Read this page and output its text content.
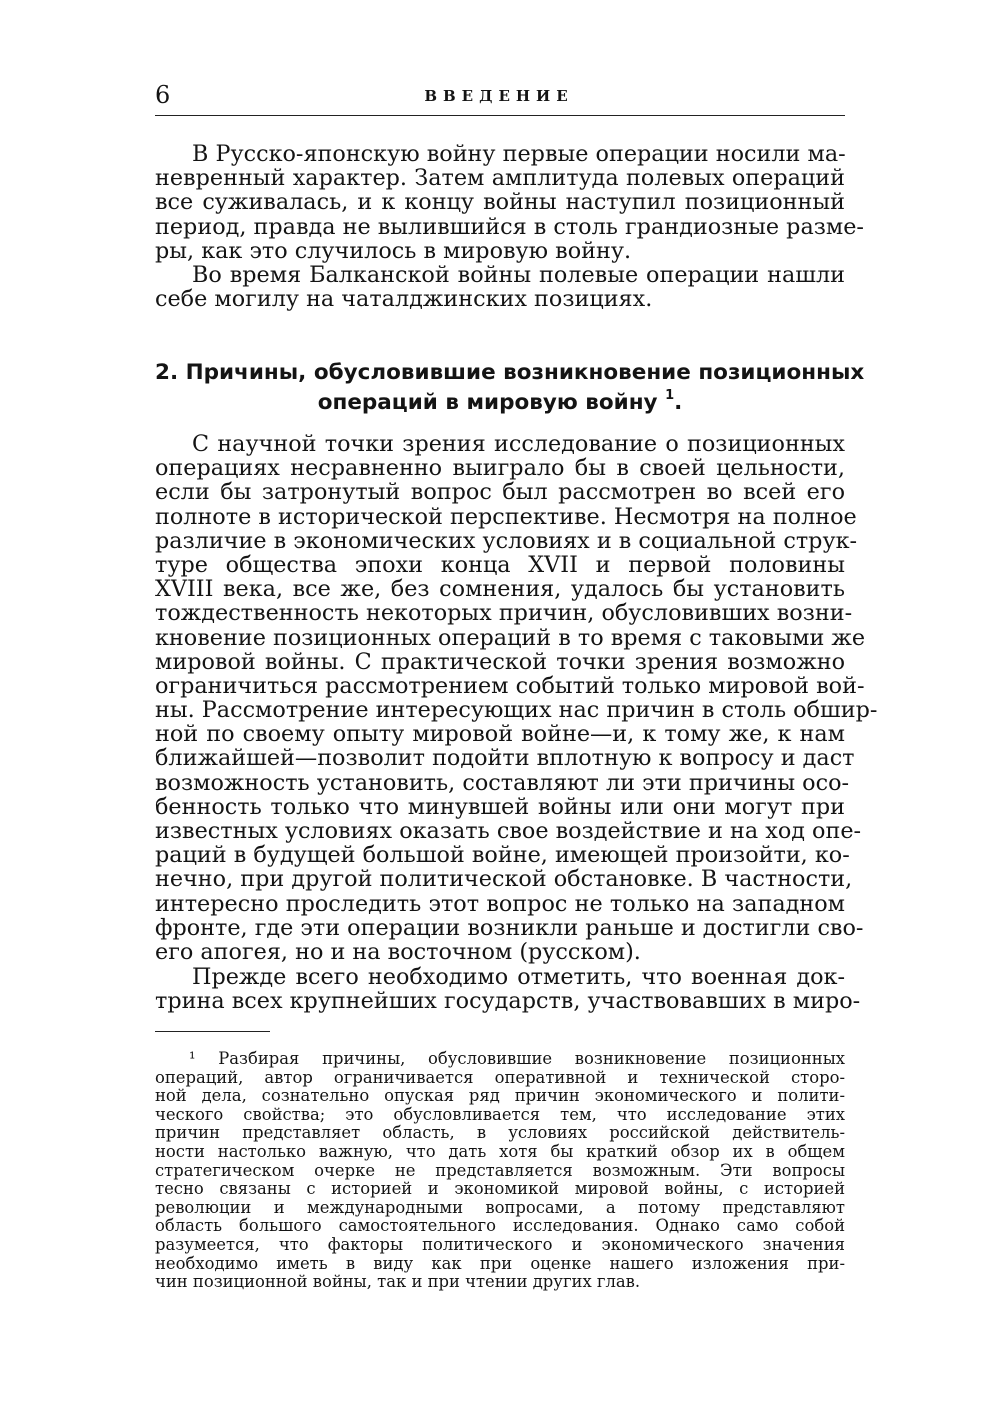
6	ВВЕДЕНИЕ
В Русско-японскую войну первые операции носили ма-
невренный характер. Затем амплитуда полевых операций
все суживалась, и к концу войны наступил позиционный
период, правда не вылившийся в столь грандиозные разме-
ры, как это случилось в мировую войну.
Во время Балканской войны полевые операции нашли
себе могилу на чаталджинских позициях.
2. Причины, обусловившие возникновение позиционных
операций в мировую войну $^1$.
С научной точки зрения исследование о позиционных
операциях несравненно выиграло бы в своей цельности,
если бы затронутый вопрос был рассмотрен во всей его
полноте в исторической перспективе. Несмотря на полное
различие в экономических условиях и в социальной струк-
туре общества эпохи конца XVII и первой половины
XVIII века, все же, без сомнения, удалось бы установить
тождественность некоторых причин, обусловивших возни-
кновение позиционных операций в то время с таковыми же
мировой войны. С практической точки зрения возможно
ограничиться рассмотрением событий только мировой вой-
ны. Рассмотрение интересующих нас причин в столь обшир-
ной по своему опыту мировой войне—и, к тому же, к нам
ближайшей—позволит подойти вплотную к вопросу и даст
возможность установить, составляют ли эти причины осо-
бенность только что минувшей войны или они могут при
известных условиях оказать свое воздействие и на ход опе-
раций в будущей большой войне, имеющей произойти, ко-
нечно, при другой политической обстановке. В частности,
интересно проследить этот вопрос не только на западном
фронте, где эти операции возникли раньше и достигли сво-
его апогея, но и на восточном (русском).
Прежде всего необходимо отметить, что военная док-
трина всех крупнейших государств, участвовавших в миро-
¹ Разбирая причины, обусловившие возникновение позиционных
операций, автор ограничивается оперативной и технической сторо-
ной дела, сознательно опуская ряд причин экономического и полити-
ческого свойства; это обусловливается тем, что исследование этих
причин представляет область, в условиях российской действитель-
ности настолько важную, что дать хотя бы краткий обзор их в общем
стратегическом очерке не представляется возможным. Эти вопросы
тесно связаны с историей и экономикой мировой войны, с историей
революции и международными вопросами, а потому представляют
область большого самостоятельного исследования. Однако само собой
разумеется, что факторы политического и экономического значения
необходимо иметь в виду как при оценке нашего изложения при-
чин позиционной войны, так и при чтении других глав.
